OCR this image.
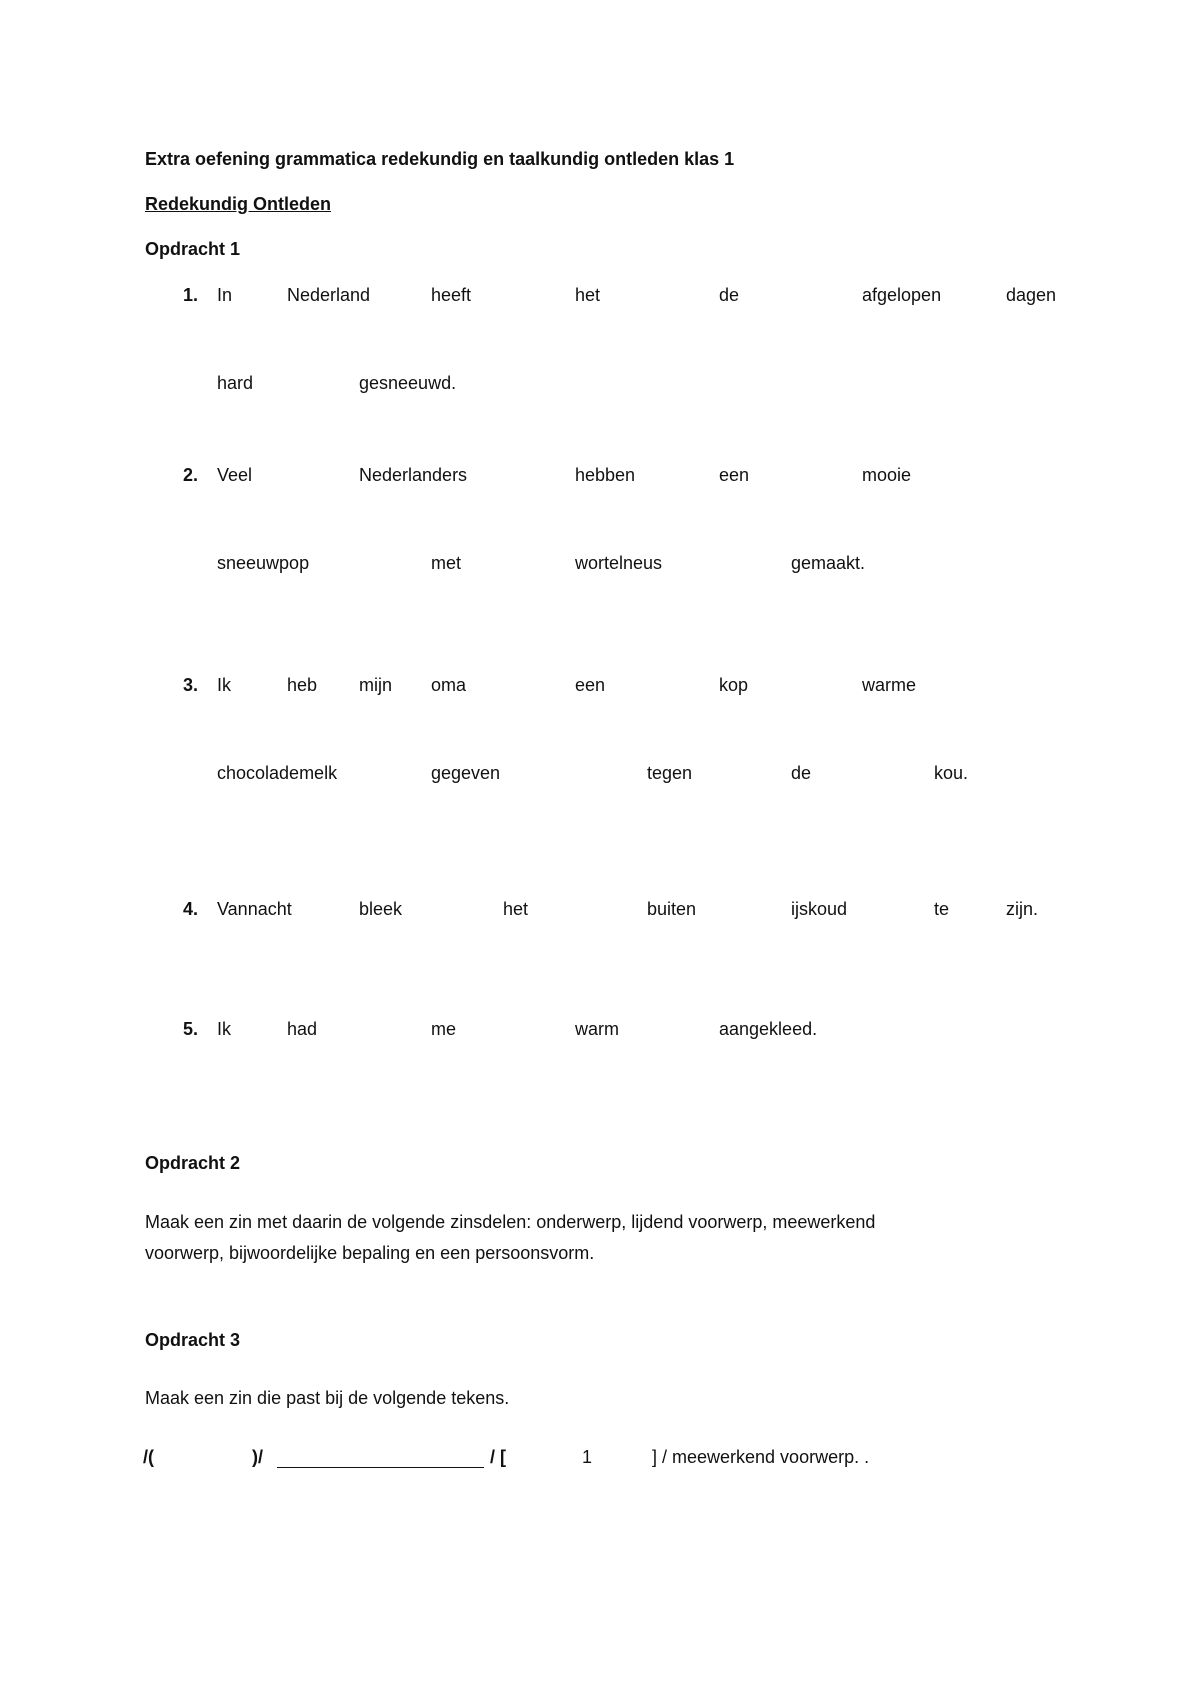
Extra oefening grammatica redekundig en taalkundig ontleden klas 1
Redekundig Ontleden
Opdracht 1
1. In	Nederland	heeft	het	de	afgelopen	dagen
hard	gesneeuwd.
2. Veel	Nederlanders	hebben	een	mooie
sneeuwpop	met	wortelneus	gemaakt.
3. Ik	heb mijn oma	een	kop	warme
chocolademelk	gegeven	tegen	de	kou.
4. Vannacht	bleek	het	buiten	ijskoud	te	zijn.
5. Ik	had	me	warm	aangekleed.
Opdracht 2
Maak een zin met daarin de volgende zinsdelen: onderwerp, lijdend voorwerp, meewerkend
voorwerp, bijwoordelijke bepaling en een persoonsvorm.
Opdracht 3
Maak een zin die past bij de volgende tekens.
/(	)/	/ [	1	] / meewerkend voorwerp. .
